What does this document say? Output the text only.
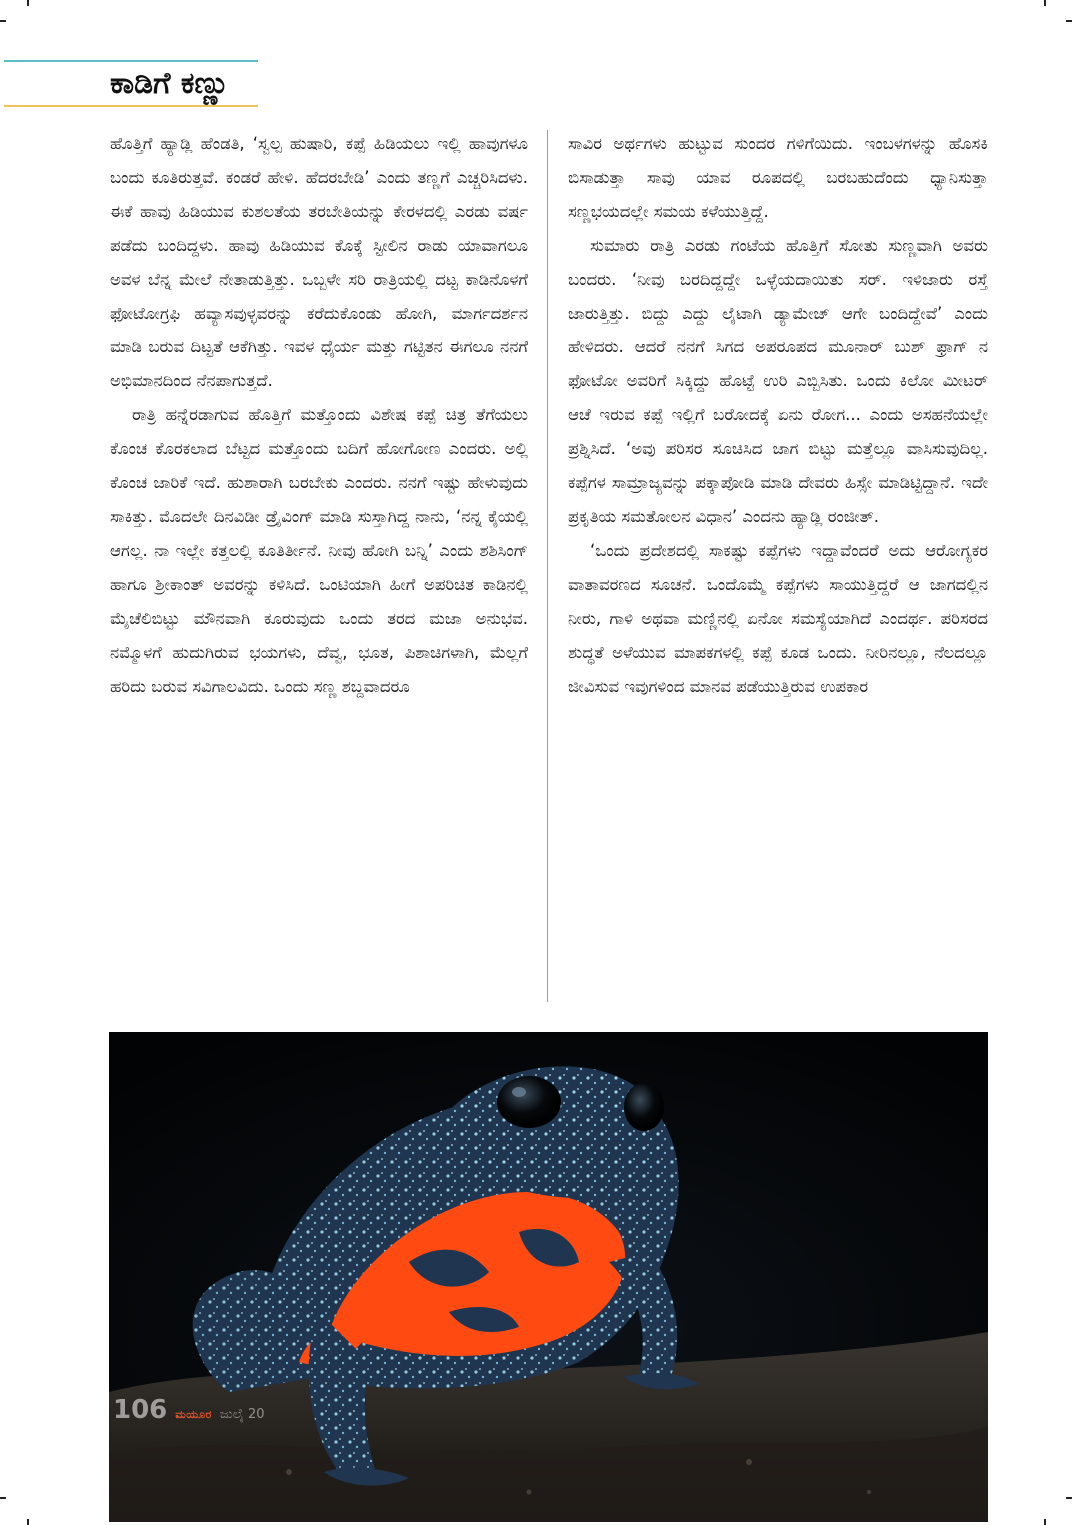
ಕಾಡಿಗೆ ಕಣ್ಣು

ಹೊತ್ತಿಗೆ ಹ್ಯಾಡ್ಲಿ ಹೆಂಡತಿ, ‘ಸ್ವಲ್ಪ ಹುಷಾರಿ, ಕಪ್ಪೆ ಹಿಡಿಯಲು ಇಲ್ಲಿ ಹಾವುಗಳೂ ಬಂದು ಕೂತಿರುತ್ತವೆ. ಕಂಡರೆ ಹೇಳಿ. ಹೆದರಬೇಡಿ’ ಎಂದು ತಣ್ಣಗೆ ಎಚ್ಚರಿಸಿದಳು. ಈಕೆ ಹಾವು ಹಿಡಿಯುವ ಕುಶಲತೆಯ ತರಬೇತಿಯನ್ನು ಕೇರಳದಲ್ಲಿ ಎರಡು ವರ್ಷ ಪಡೆದು ಬಂದಿದ್ದಳು. ಹಾವು ಹಿಡಿಯುವ ಕೊಕ್ಕೆ ಸ್ಟೀಲಿನ ರಾಡು ಯಾವಾಗಲೂ ಅವಳ ಬೆನ್ನ ಮೇಲೆ ನೇತಾಡುತ್ತಿತ್ತು. ಒಬ್ಬಳೇ ಸರಿ ರಾತ್ರಿಯಲ್ಲಿ ದಟ್ಟ ಕಾಡಿನೊಳಗೆ ಫೋಟೋಗ್ರಫಿ ಹವ್ಯಾಸವುಳ್ಳವರನ್ನು ಕರೆದುಕೊಂಡು ಹೋಗಿ, ಮಾರ್ಗದರ್ಶನ ಮಾಡಿ ಬರುವ ದಿಟ್ಟತೆ ಆಕೆಗಿತ್ತು. ಇವಳ ಧೈರ್ಯ ಮತ್ತು ಗಟ್ಟಿತನ ಈಗಲೂ ನನಗೆ ಅಭಿಮಾನದಿಂದ ನೆನಪಾಗುತ್ತದೆ.

ರಾತ್ರಿ ಹನ್ನೆರಡಾಗುವ ಹೊತ್ತಿಗೆ ಮತ್ತೊಂದು ವಿಶೇಷ ಕಪ್ಪೆ ಚಿತ್ರ ತೆಗೆಯಲು ಕೊಂಚ ಕೊರಕಲಾದ ಬೆಟ್ಟದ ಮತ್ತೊಂದು ಬದಿಗೆ ಹೋಗೋಣ ಎಂದರು. ಅಲ್ಲಿ ಕೊಂಚ ಜಾರಿಕೆ ಇದೆ. ಹುಶಾರಾಗಿ ಬರಬೇಕು ಎಂದರು. ನನಗೆ ಇಷ್ಟು ಹೇಳುವುದು ಸಾಕಿತ್ತು. ಮೊದಲೇ ದಿನವಿಡೀ ಡ್ರೈವಿಂಗ್ ಮಾಡಿ ಸುಸ್ತಾಗಿದ್ದ ನಾನು, ‘ನನ್ನ ಕೈಯಲ್ಲಿ ಆಗಲ್ಲ. ನಾ ಇಲ್ಲೇ ಕತ್ತಲಲ್ಲಿ ಕೂತಿರ್ತೀನೆ. ನೀವು ಹೋಗಿ ಬನ್ನಿ’ ಎಂದು ಶಶಿಸಿಂಗ್ ಹಾಗೂ ಶ್ರೀಕಾಂತ್ ಅವರನ್ನು ಕಳಿಸಿದೆ. ಒಂಟಿಯಾಗಿ ಹೀಗೆ ಅಪರಿಚಿತ ಕಾಡಿನಲ್ಲಿ ಮೈಚೆಲಿಬಿಟ್ಟು ಮೌನವಾಗಿ ಕೂರುವುದು ಒಂದು ತರದ ಮಜಾ ಅನುಭವ. ನಮ್ಮೊಳಗೆ ಹುದುಗಿರುವ ಭಯಗಳು, ದೆವ್ವ, ಭೂತ, ಪಿಶಾಚಿಗಳಾಗಿ, ಮೆಲ್ಲಗೆ ಹರಿದು ಬರುವ ಸವಿಗಾಲವಿದು. ಒಂದು ಸಣ್ಣ ಶಬ್ದವಾದರೂ

ಸಾವಿರ ಅರ್ಥಗಳು ಹುಟ್ಟುವ ಸುಂದರ ಗಳಿಗೆಯಿದು. ಇಂಬಳಗಳನ್ನು ಹೊಸಕಿ ಬಿಸಾಡುತ್ತಾ ಸಾವು ಯಾವ ರೂಪದಲ್ಲಿ ಬರಬಹುದೆಂದು ಧ್ಯಾನಿಸುತ್ತಾ ಸಣ್ಣಭಯದಲ್ಲೇ ಸಮಯ ಕಳೆಯುತ್ತಿದ್ದೆ.

ಸುಮಾರು ರಾತ್ರಿ ಎರಡು ಗಂಟೆಯ ಹೊತ್ತಿಗೆ ಸೋತು ಸುಣ್ಣವಾಗಿ ಅವರು ಬಂದರು. ‘ನೀವು ಬರದಿದ್ದದ್ದೇ ಒಳ್ಳೆಯದಾಯಿತು ಸರ್. ಇಳಿಜಾರು ರಸ್ತೆ ಜಾರುತ್ತಿತ್ತು. ಬಿದ್ದು ಎದ್ದು ಲೈಟಾಗಿ ಡ್ಯಾಮೇಜ್ ಆಗೇ ಬಂದಿದ್ದೇವೆ’ ಎಂದು ಹೇಳಿದರು. ಆದರೆ ನನಗೆ ಸಿಗದ ಅಪರೂಪದ ಮೂನಾರ್ ಬುಶ್ ಫ್ರಾಗ್ ನ ಫೋಟೋ ಅವರಿಗೆ ಸಿಕ್ಕಿದ್ದು ಹೊಟ್ಟೆ ಉರಿ ಎಬ್ಬಿಸಿತು. ಒಂದು ಕಿಲೋ ಮೀಟರ್ ಆಚೆ ಇರುವ ಕಪ್ಪೆ ಇಲ್ಲಿಗೆ ಬರೋದಕ್ಕೆ ಏನು ರೋಗ... ಎಂದು ಅಸಹನೆಯಲ್ಲೇ ಪ್ರಶ್ನಿಸಿದೆ. ‘ಅವು ಪರಿಸರ ಸೂಚಿಸಿದ ಜಾಗ ಬಿಟ್ಟು ಮತ್ತೆಲ್ಲೂ ವಾಸಿಸುವುದಿಲ್ಲ. ಕಪ್ಪೆಗಳ ಸಾಮ್ರಾಜ್ಯವನ್ನು ಪಕ್ಕಾಪೋಡಿ ಮಾಡಿ ದೇವರು ಹಿಸ್ಸೇ ಮಾಡಿಟ್ಟಿದ್ದಾನೆ. ಇದೇ ಪ್ರಕೃತಿಯ ಸಮತೋಲನ ವಿಧಾನ’ ಎಂದನು ಹ್ಯಾಡ್ಲಿ ರಂಜೀತ್.

‘ಒಂದು ಪ್ರದೇಶದಲ್ಲಿ ಸಾಕಷ್ಟು ಕಪ್ಪೆಗಳು ಇದ್ದಾವೆಂದರೆ ಅದು ಆರೋಗ್ಯಕರ ವಾತಾವರಣದ ಸೂಚನೆ. ಒಂದೊಮ್ಮೆ ಕಪ್ಪೆಗಳು ಸಾಯುತ್ತಿದ್ದರೆ ಆ ಜಾಗದಲ್ಲಿನ ನೀರು, ಗಾಳಿ ಅಥವಾ ಮಣ್ಣಿನಲ್ಲಿ ಏನೋ ಸಮಸ್ಯೆಯಾಗಿದೆ ಎಂದರ್ಥ. ಪರಿಸರದ ಶುದ್ಧತೆ ಅಳೆಯುವ ಮಾಪಕಗಳಲ್ಲಿ ಕಪ್ಪೆ ಕೂಡ ಒಂದು. ನೀರಿನಲ್ಲೂ, ನೆಲದಲ್ಲೂ ಜೀವಿಸುವ ಇವುಗಳಿಂದ ಮಾನವ ಪಡೆಯುತ್ತಿರುವ ಉಪಕಾರ

106 ಮಯೂರ ಜುಲೈ 20
